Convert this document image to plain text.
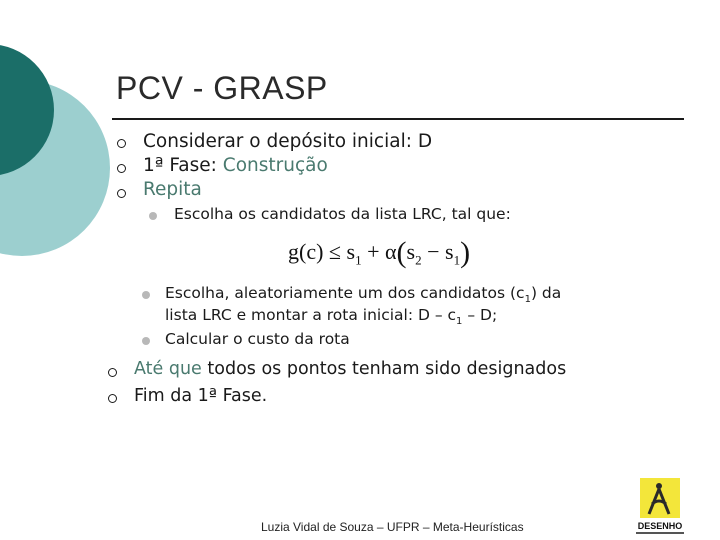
PCV - GRASP
Considerar o depósito inicial: D
1ª Fase: Construção
Repita
Escolha os candidatos da lista LRC, tal que:
$g(c) \le s_1 + \alpha(s_2 - s_1)$
Escolha, aleatoriamente um dos candidatos $(c_1)$ da
lista LRC e montar a rota inicial: D – $c_1$ – D;
Calcular o custo da rota
Até que todos os pontos tenham sido designados
Fim da 1ª Fase.
Luzia Vidal de Souza – UFPR – Meta-Heurísticas	DESENHO
